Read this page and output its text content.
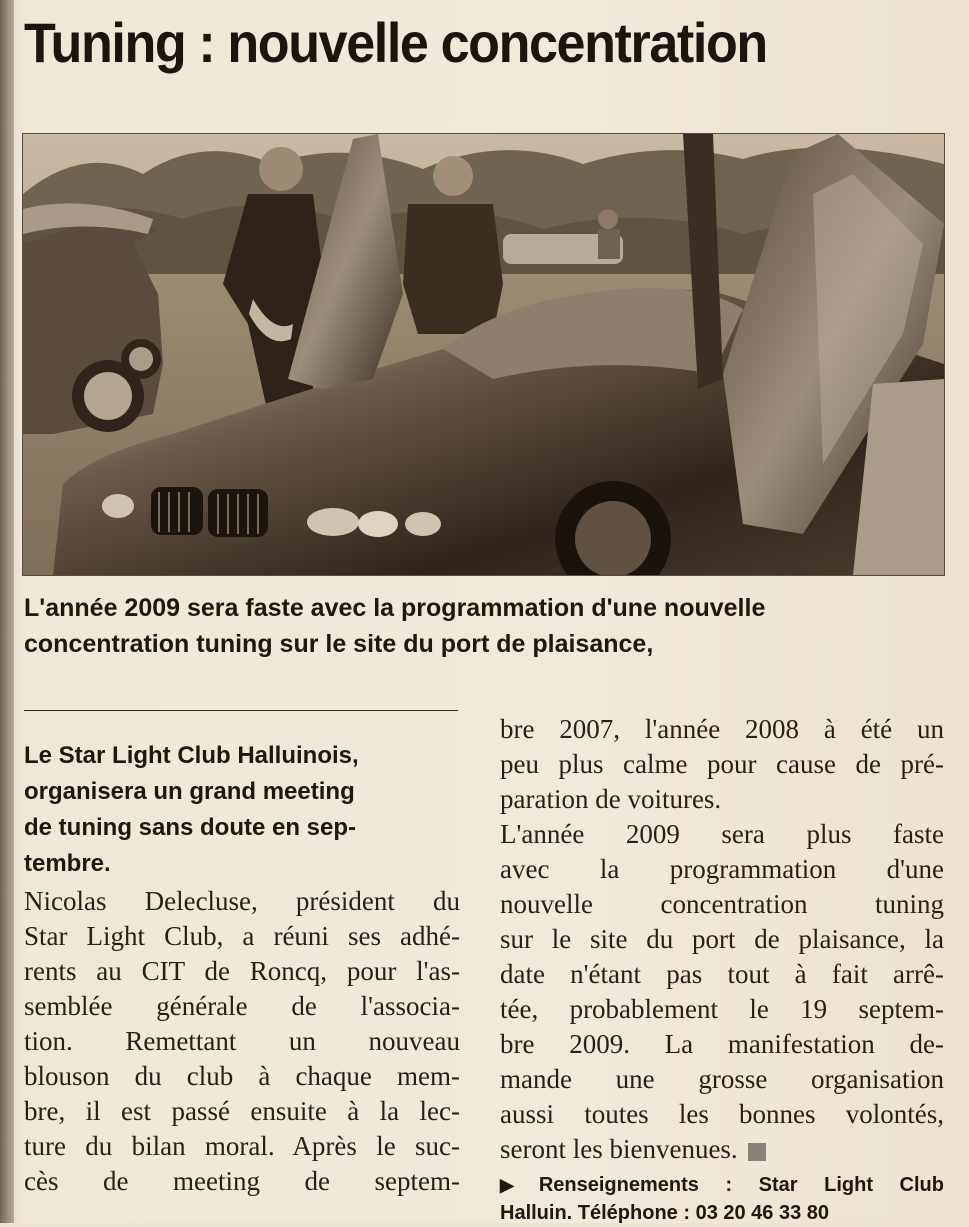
Tuning : nouvelle concentration
L'année 2009 sera faste avec la programmation d'une nouvelle
concentration tuning sur le site du port de plaisance,
Le Star Light Club Halluinois,
organisera un grand meeting
de tuning sans doute en sep-
tembre.
Nicolas Delecluse, président du
Star Light Club, a réuni ses adhé-
rents au CIT de Roncq, pour l'as-
semblée générale de l'associa-
tion. Remettant un nouveau
blouson du club à chaque mem-
bre, il est passé ensuite à la lec-
ture du bilan moral. Après le suc-
cès de meeting de septem-
bre 2007, l'année 2008 à été un
peu plus calme pour cause de pré-
paration de voitures.
L'année 2009 sera plus faste
avec la programmation d'une
nouvelle concentration tuning
sur le site du port de plaisance, la
date n'étant pas tout à fait arrê-
tée, probablement le 19 septem-
bre 2009. La manifestation de-
mande une grosse organisation
aussi toutes les bonnes volontés,
seront les bienvenues.
▶ Renseignements : Star Light Club
Halluin. Téléphone : 03 20 46 33 80
